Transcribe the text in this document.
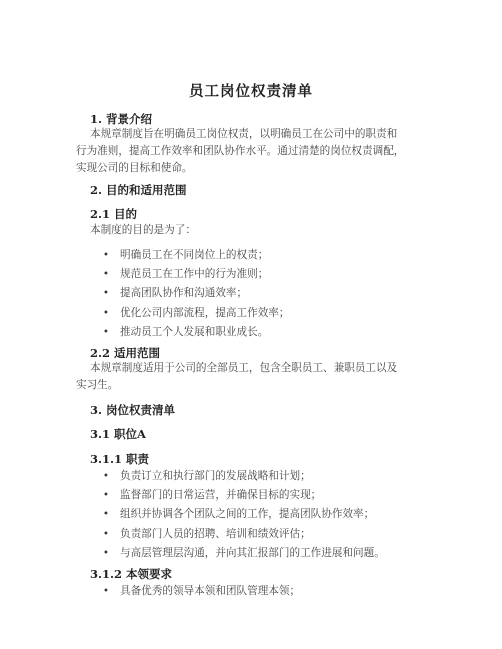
员工岗位权责清单
1. 背景介绍
本规章制度旨在明确员工岗位权责，以明确员工在公司中的职责和
行为准则，提高工作效率和团队协作水平。通过清楚的岗位权责调配，
实现公司的目标和使命。
2. 目的和适用范围
2.1 目的
本制度的目的是为了：
• 明确员工在不同岗位上的权责；
• 规范员工在工作中的行为准则；
• 提高团队协作和沟通效率；
• 优化公司内部流程，提高工作效率；
• 推动员工个人发展和职业成长。
2.2 适用范围
本规章制度适用于公司的全部员工，包含全职员工、兼职员工以及
实习生。
3. 岗位权责清单
3.1 职位A
3.1.1 职责
• 负责订立和执行部门的发展战略和计划；
• 监督部门的日常运营，并确保目标的实现；
• 组织并协调各个团队之间的工作，提高团队协作效率；
• 负责部门人员的招聘、培训和绩效评估；
• 与高层管理层沟通，并向其汇报部门的工作进展和问题。
3.1.2 本领要求
• 具备优秀的领导本领和团队管理本领；
